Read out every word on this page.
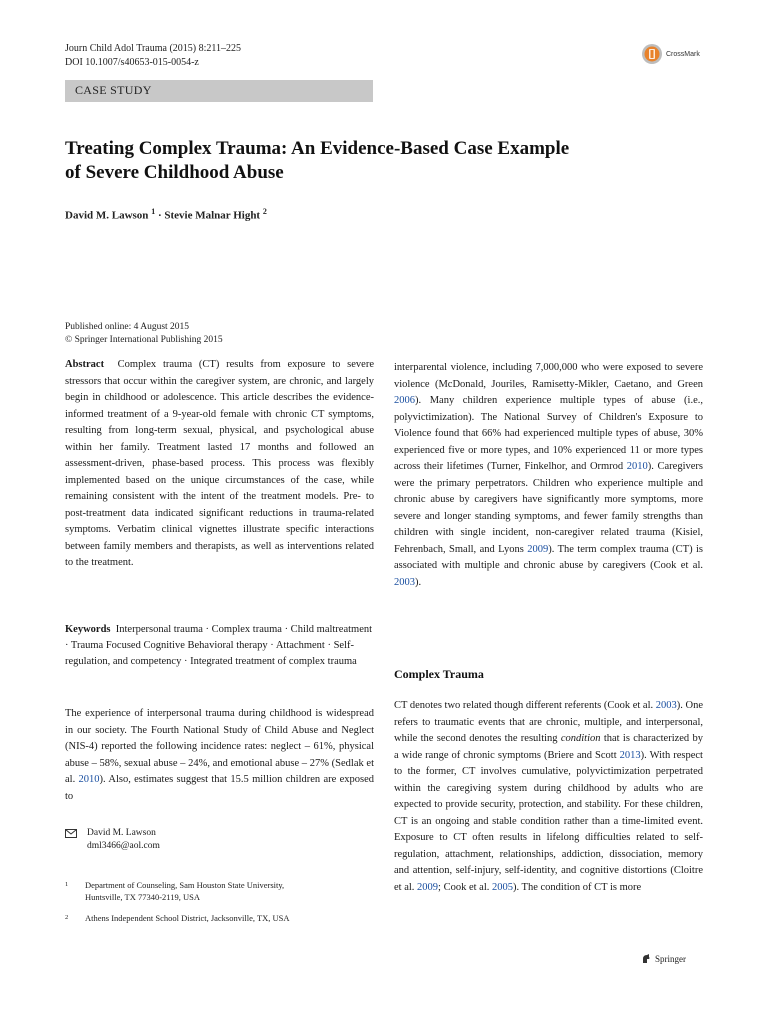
Journ Child Adol Trauma (2015) 8:211–225
DOI 10.1007/s40653-015-0054-z
CrossMark
CASE STUDY
Treating Complex Trauma: An Evidence-Based Case Example
of Severe Childhood Abuse
David M. Lawson $^1$ · Stevie Malnar Hight $^2$
Published online: 4 August 2015
© Springer International Publishing 2015

Abstract Complex trauma (CT) results from exposure to severe stressors that occur within the caregiver system, are chronic, and largely begin in childhood or adolescence. This article describes the evidence-informed treatment of a 9-year-old female with chronic CT symptoms, resulting from long-term sexual, physical, and psychological abuse within her family. Treatment lasted 17 months and followed an assessment-driven, phase-based process. This process was flexibly implemented based on the unique circumstances of the case, while remaining consistent with the intent of the treatment models. Pre- to post-treatment data indicated significant reductions in trauma-related symptoms. Verbatim clinical vignettes illustrate specific interactions between family members and therapists, as well as interventions related to the treatment.

Keywords Interpersonal trauma · Complex trauma · Child maltreatment · Trauma Focused Cognitive Behavioral therapy · Attachment · Self-regulation, and competency · Integrated treatment of complex trauma
The experience of interpersonal trauma during childhood is widespread in our society. The Fourth National Study of Child Abuse and Neglect (NIS-4) reported the following incidence rates: neglect – 61%, physical abuse – 58%, sexual abuse – 24%, and emotional abuse – 27% (Sedlak et al. 2010). Also, estimates suggest that 15.5 million children are exposed to

interparental violence, including 7,000,000 who were exposed to severe violence (McDonald, Jouriles, Ramisetty-Mikler, Caetano, and Green 2006). Many children experience multiple types of abuse (i.e., polyvictimization). The National Survey of Children's Exposure to Violence found that 66% had experienced multiple types of abuse, 30% experienced five or more types, and 10% experienced 11 or more types across their lifetimes (Turner, Finkelhor, and Ormrod 2010). Caregivers were the primary perpetrators. Children who experience multiple and chronic abuse by caregivers have significantly more symptoms, more severe and longer standing symptoms, and fewer family strengths than children with single incident, non-caregiver related trauma (Kisiel, Fehrenbach, Small, and Lyons 2009). The term complex trauma (CT) is associated with multiple and chronic abuse by caregivers (Cook et al. 2003).

Complex Trauma
CT denotes two related though different referents (Cook et al. 2003). One refers to traumatic events that are chronic, multiple, and interpersonal, while the second denotes the resulting condition that is characterized by a wide range of chronic symptoms (Briere and Scott 2013). With respect to the former, CT involves cumulative, polyvictimization perpetrated within the caregiving system during childhood by adults who are expected to provide security, protection, and stability. For these children, CT is an ongoing and stable condition rather than a time-limited event. Exposure to CT often results in lifelong difficulties related to self-regulation, attachment, relationships, addiction, dissociation, memory and attention, self-injury, self-identity, and cognitive distortions (Cloitre et al. 2009; Cook et al. 2005). The condition of CT is more
David M. Lawson
dml3466@aol.com
1 Department of Counseling, Sam Houston State University,
Huntsville, TX 77340-2119, USA
2 Athens Independent School District, Jacksonville, TX, USA
Springer
